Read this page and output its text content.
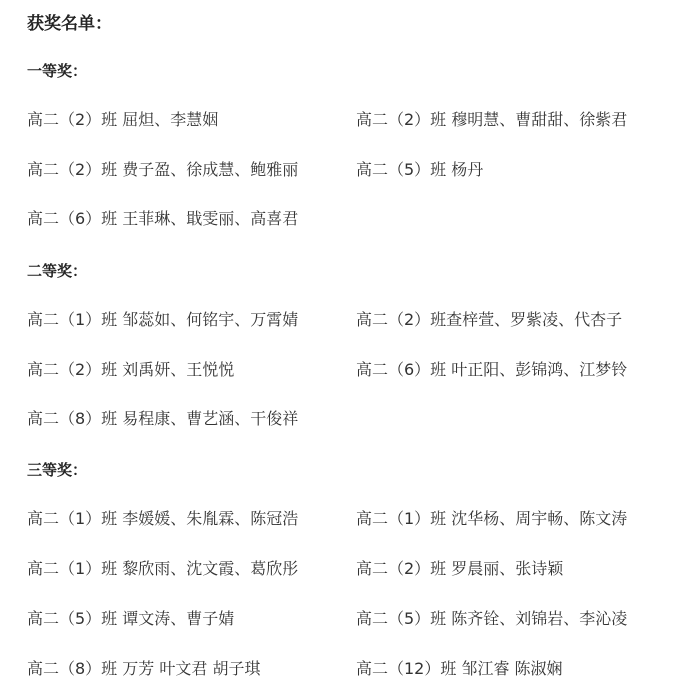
获奖名单：
一等奖：
高二（2）班 屈炟、李慧姻	高二（2）班 穆明慧、曹甜甜、徐紫君
高二（2）班 费子盈、徐成慧、鲍雅丽	高二（5）班 杨丹
高二（6）班 王菲琳、戢雯丽、高喜君
二等奖：
高二（1）班 邹蕊如、何铭宇、万霄婧	高二（2）班查梓萱、罗紫凌、代杏子
高二（2）班 刘禹妍、王悦悦	高二（6）班 叶正阳、彭锦鸿、江梦铃
高二（8）班 易程康、曹艺涵、干俊祥
三等奖：
高二（1）班 李媛媛、朱胤霖、陈冠浩	高二（1）班 沈华杨、周宇畅、陈文涛
高二（1）班 黎欣雨、沈文霞、葛欣彤	高二（2）班 罗晨丽、张诗颖
高二（5）班 谭文涛、曹子婧	高二（5）班 陈齐铨、刘锦岩、李沁凌
高二（8）班 万芳 叶文君 胡子琪	高二（12）班 邹江睿 陈淑娴
